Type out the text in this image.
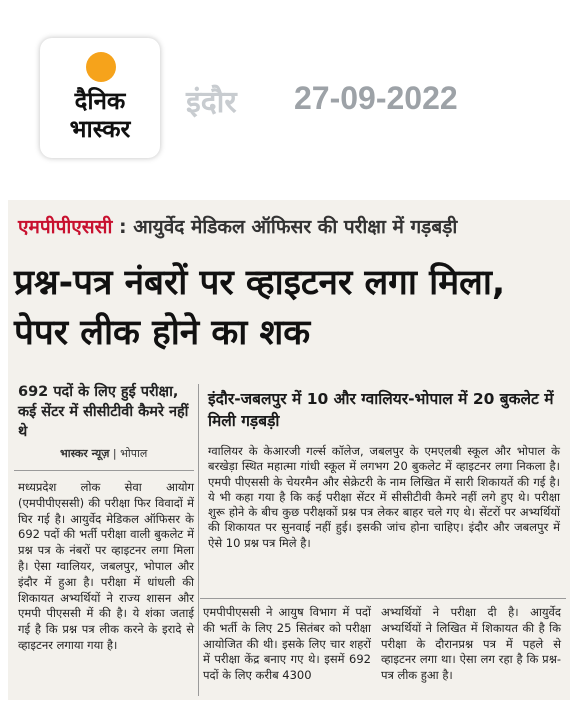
दैनिक
भास्कर
इंदौर 27-09-2022
एमपीपीएससी : आयुर्वेद मेडिकल ऑफिसर की परीक्षा में गड़बड़ी
प्रश्न-पत्र नंबरों पर व्हाइटनर लगा मिला, पेपर लीक होने का शक
692 पदों के लिए हुई परीक्षा, कई सेंटर में सीसीटीवी कैमरे नहीं थे
भास्कर न्यूज़ | भोपाल
इंदौर-जबलपुर में 10 और ग्वालियर-भोपाल में 20 बुकलेट में मिली गड़बड़ी
ग्वालियर के केआरजी गर्ल्स कॉलेज, जबलपुर के एमएलबी स्कूल और भोपाल के बरखेड़ा स्थित महात्मा गांधी स्कूल में लगभग 20 बुकलेट में व्हाइटनर लगा निकला है। एमपी पीएससी के चेयरमैन और सेक्रेटरी के नाम लिखित में सारी शिकायतें की गई है। ये भी कहा गया है कि कई परीक्षा सेंटर में सीसीटीवी कैमरे नहीं लगे हुए थे। परीक्षा शुरू होने के बीच कुछ परीक्षकों प्रश्न पत्र लेकर बाहर चले गए थे। सेंटरों पर अभ्यर्थियों की शिकायत पर सुनवाई नहीं हुई। इसकी जांच होना चाहिए। इंदौर और जबलपुर में ऐसे 10 प्रश्न पत्र मिले है।
मध्यप्रदेश लोक सेवा आयोग (एमपीपीएससी) की परीक्षा फिर विवादों में घिर गई है। आयुर्वेद मेडिकल ऑफिसर के 692 पदों की भर्ती परीक्षा वाली बुकलेट में प्रश्न पत्र के नंबरों पर व्हाइटनर लगा मिला है। ऐसा ग्वालियर, जबलपुर, भोपाल और इंदौर में हुआ है। परीक्षा में धांधली की शिकायत अभ्यर्थियों ने राज्य शासन और एमपी पीएससी में की है। ये शंका जताई गई है कि प्रश्न पत्र लीक करने के इरादे से व्हाइटनर लगाया गया है।
एमपीपीएससी ने आयुष विभाग में पदों की भर्ती के लिए 25 सितंबर को परीक्षा आयोजित की थी। इसके लिए चार शहरों में परीक्षा केंद्र बनाए गए थे। इसमें 692 पदों के लिए करीब 4300
अभ्यर्थियों ने परीक्षा दी है। आयुर्वेद अभ्यर्थियों ने लिखित में शिकायत की है कि परीक्षा के दौरानप्रश्न पत्र में पहले से व्हाइटनर लगा था। ऐसा लग रहा है कि प्रश्न-पत्र लीक हुआ है।
